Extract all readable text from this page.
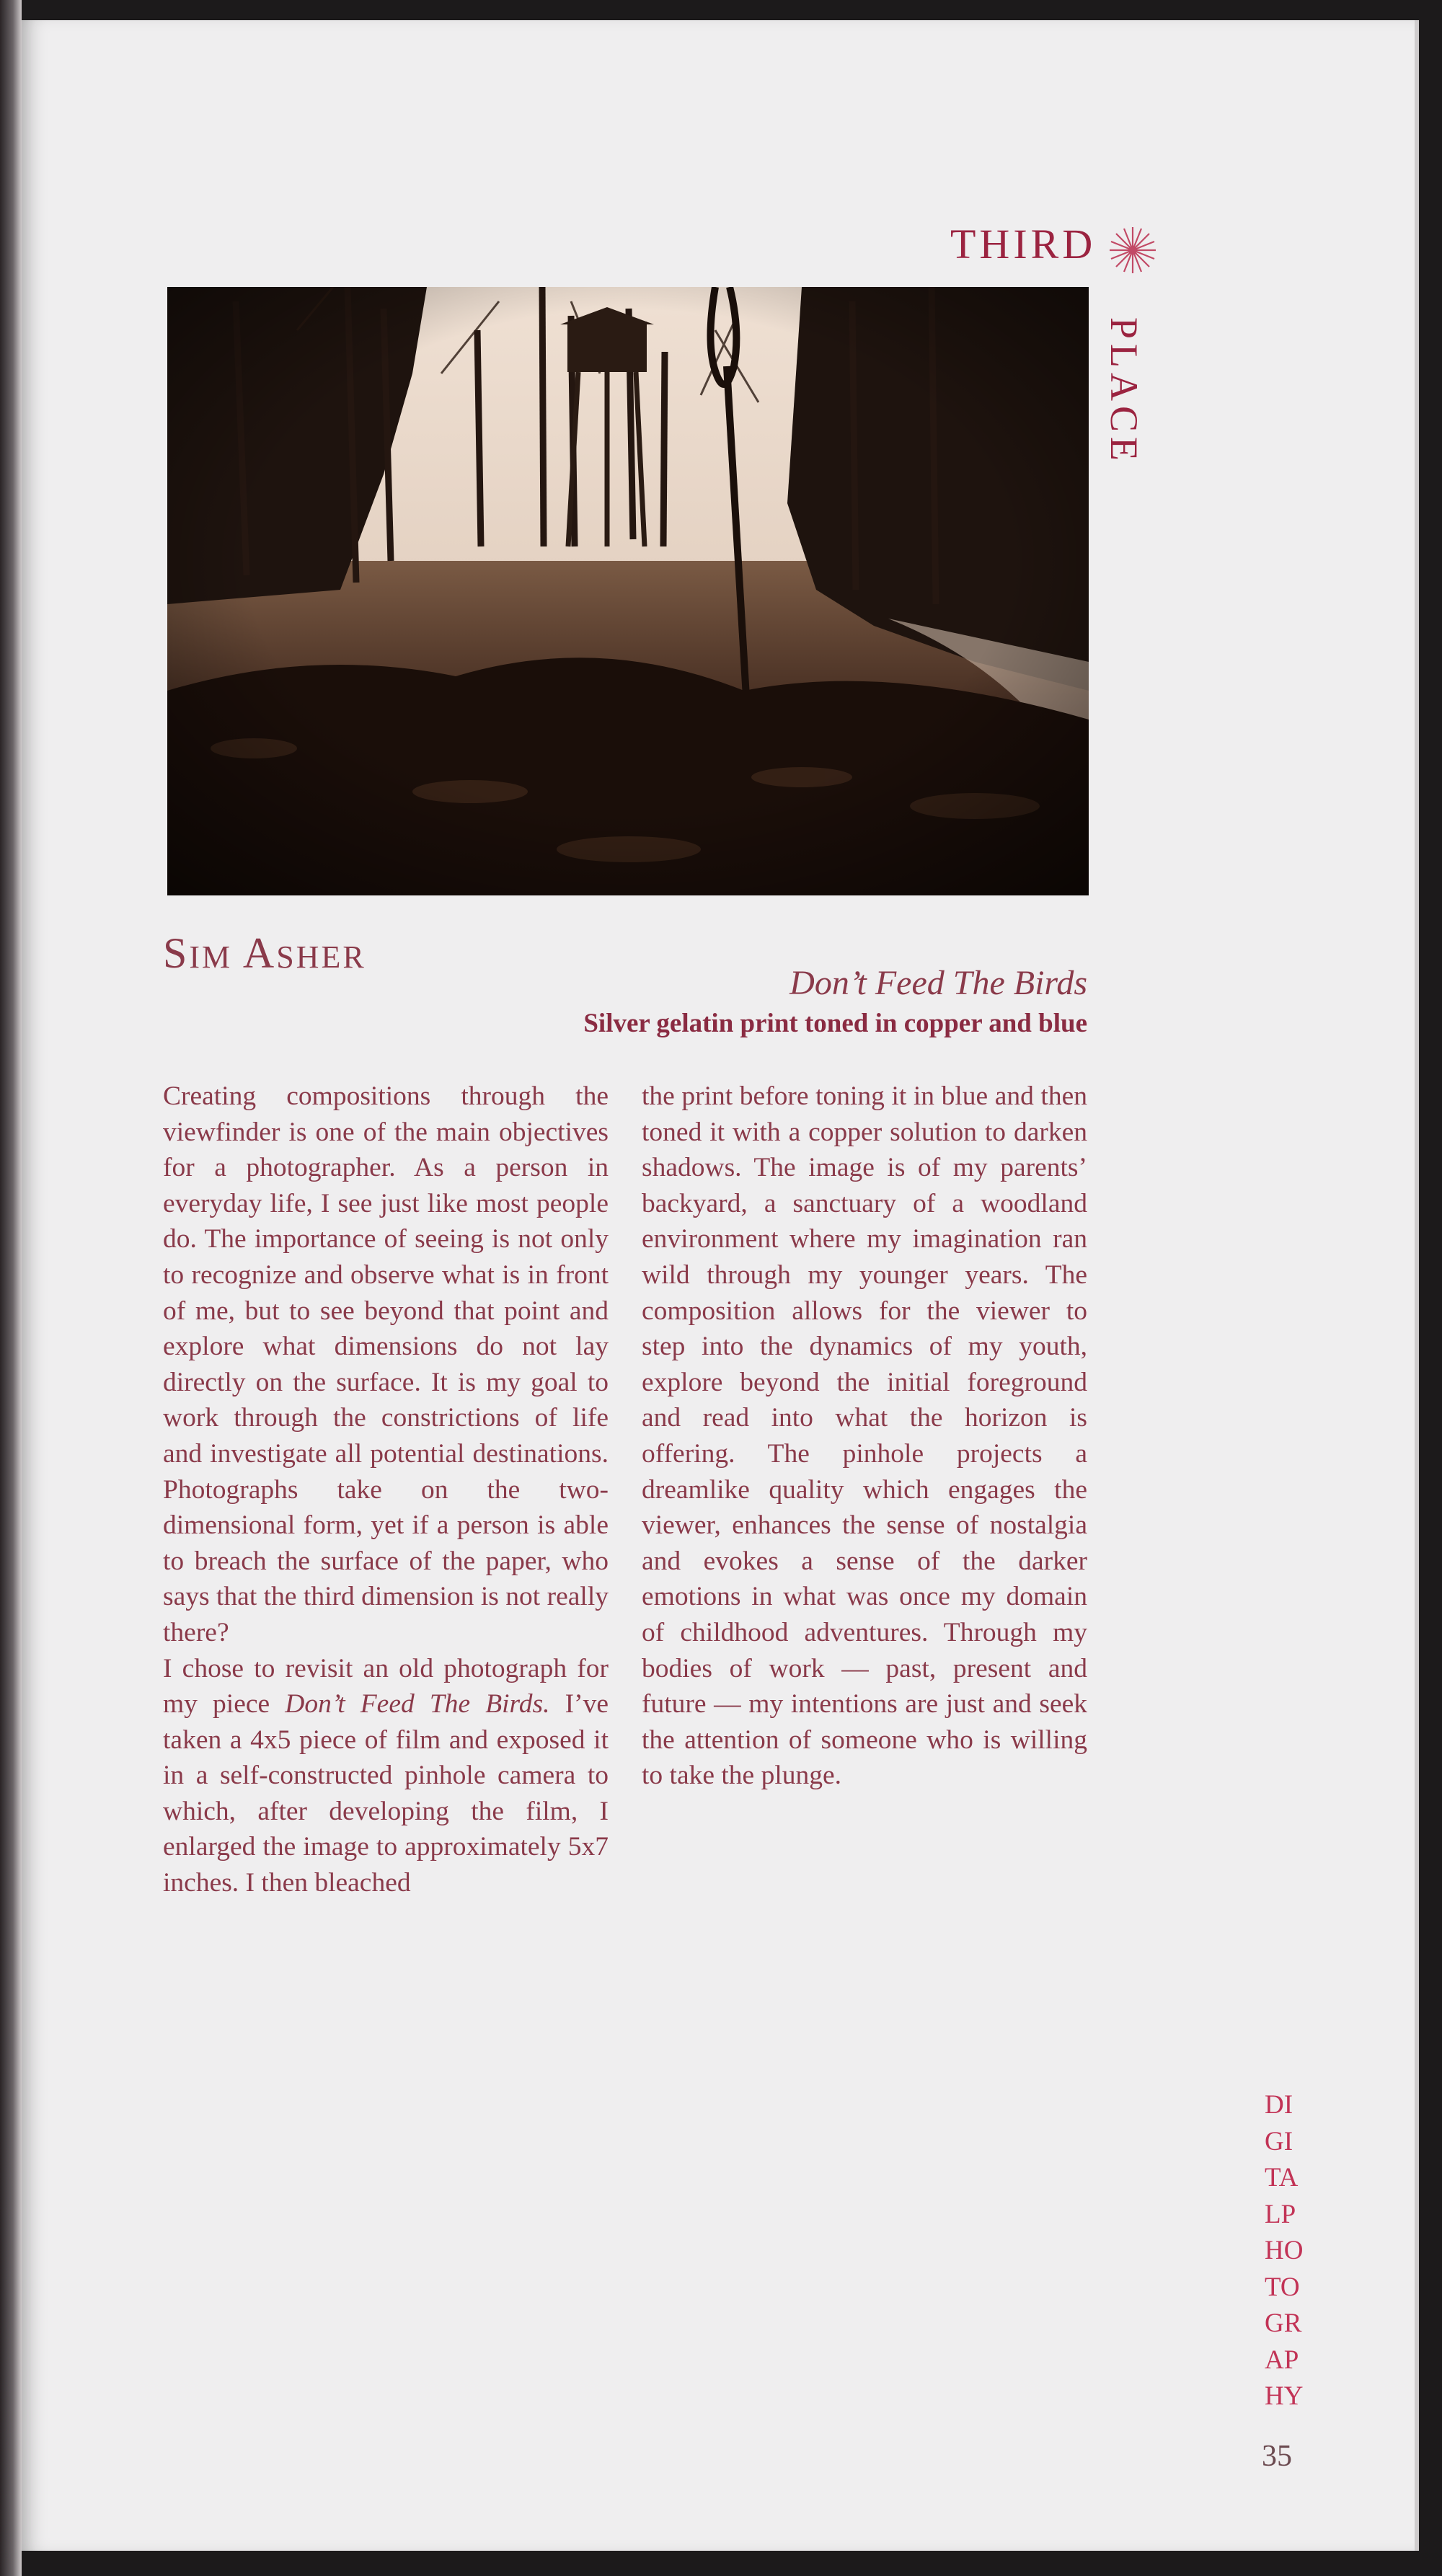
THIRD
PLACE
SIM ASHER
Don’t Feed The Birds
Silver gelatin print toned in copper and blue

Creating compositions through the viewfinder is one of the main objectives for a photographer. As a person in everyday life, I see just like most people do. The importance of seeing is not only to recognize and observe what is in front of me, but to see beyond that point and explore what dimensions do not lay directly on the surface. It is my goal to work through the constrictions of life and investigate all potential destinations. Photographs take on the two-dimensional form, yet if a person is able to breach the surface of the paper, who says that the third dimension is not really there?

I chose to revisit an old photograph for my piece Don’t Feed The Birds. I’ve taken a 4x5 piece of film and exposed it in a self-constructed pinhole camera to which, after developing the film, I enlarged the image to approximately 5x7 inches. I then bleached

the print before toning it in blue and then toned it with a copper solution to darken shadows. The image is of my parents’ backyard, a sanctuary of a woodland environment where my imagination ran wild through my younger years. The composition allows for the viewer to step into the dynamics of my youth, explore beyond the initial foreground and read into what the horizon is offering. The pinhole projects a dreamlike quality which engages the viewer, enhances the sense of nostalgia and evokes a sense of the darker emotions in what was once my domain of childhood adventures. Through my bodies of work — past, present and future — my intentions are just and seek the attention of someone who is willing to take the plunge.

DI
GI
TA
LP
HO
TO
GR
AP
HY
35
